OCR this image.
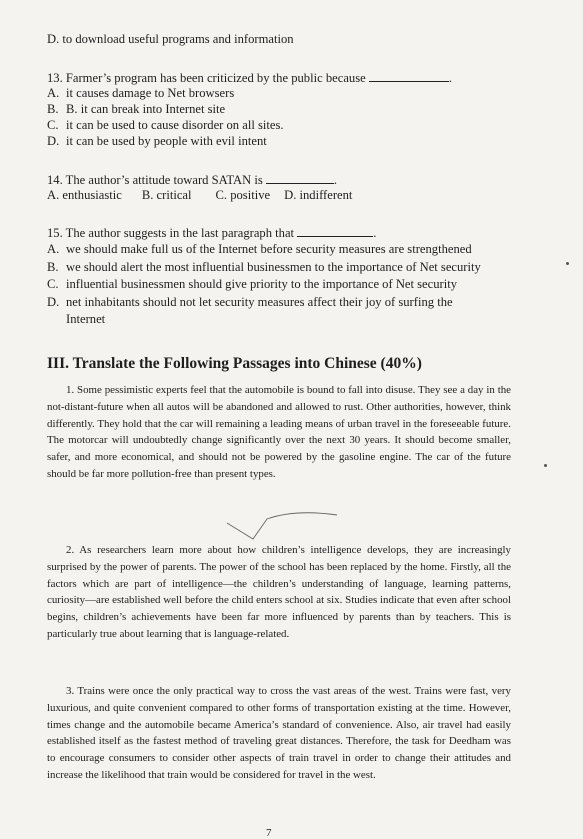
D. to download useful programs and information
13. Farmer’s program has been criticized by the public because	.
A. it causes damage to Net browsers
B. B. it can break into Internet site
C. it can be used to cause disorder on all sites.
D. it can be used by people with evil intent
14. The author’s attitude toward SATAN is	.
A. enthusiastic B. critical C. positive D. indifferent
15. The author suggests in the last paragraph that	.
A. we should make full us of the Internet before security measures are strengthened
B. we should alert the most influential businessmen to the importance of Net security
C. influential businessmen should give priority to the importance of Net security
D. net inhabitants should not let security measures affect their joy of surfing the
Internet
III. Translate the Following Passages into Chinese (40%)

1. Some pessimistic experts feel that the automobile is bound to fall into disuse. They see a day in the not-distant-future when all autos will be abandoned and allowed to rust. Other authorities, however, think differently. They hold that the car will remaining a leading means of urban travel in the foreseeable future. The motorcar will undoubtedly change significantly over the next 30 years. It should become smaller, safer, and more economical, and should not be powered by the gasoline engine. The car of the future should be far more pollution-free than present types.

2. As researchers learn more about how children’s intelligence develops, they are increasingly surprised by the power of parents. The power of the school has been replaced by the home. Firstly, all the factors which are part of intelligence—the children’s understanding of language, learning patterns, curiosity—are established well before the child enters school at six. Studies indicate that even after school begins, children’s achievements have been far more influenced by parents than by teachers. This is particularly true about learning that is language-related.

3. Trains were once the only practical way to cross the vast areas of the west. Trains were fast, very luxurious, and quite convenient compared to other forms of transportation existing at the time. However, times change and the automobile became America’s standard of convenience. Also, air travel had easily established itself as the fastest method of traveling great distances. Therefore, the task for Deedham was to encourage consumers to consider other aspects of train travel in order to change their attitudes and increase the likelihood that train would be considered for travel in the west.

7
